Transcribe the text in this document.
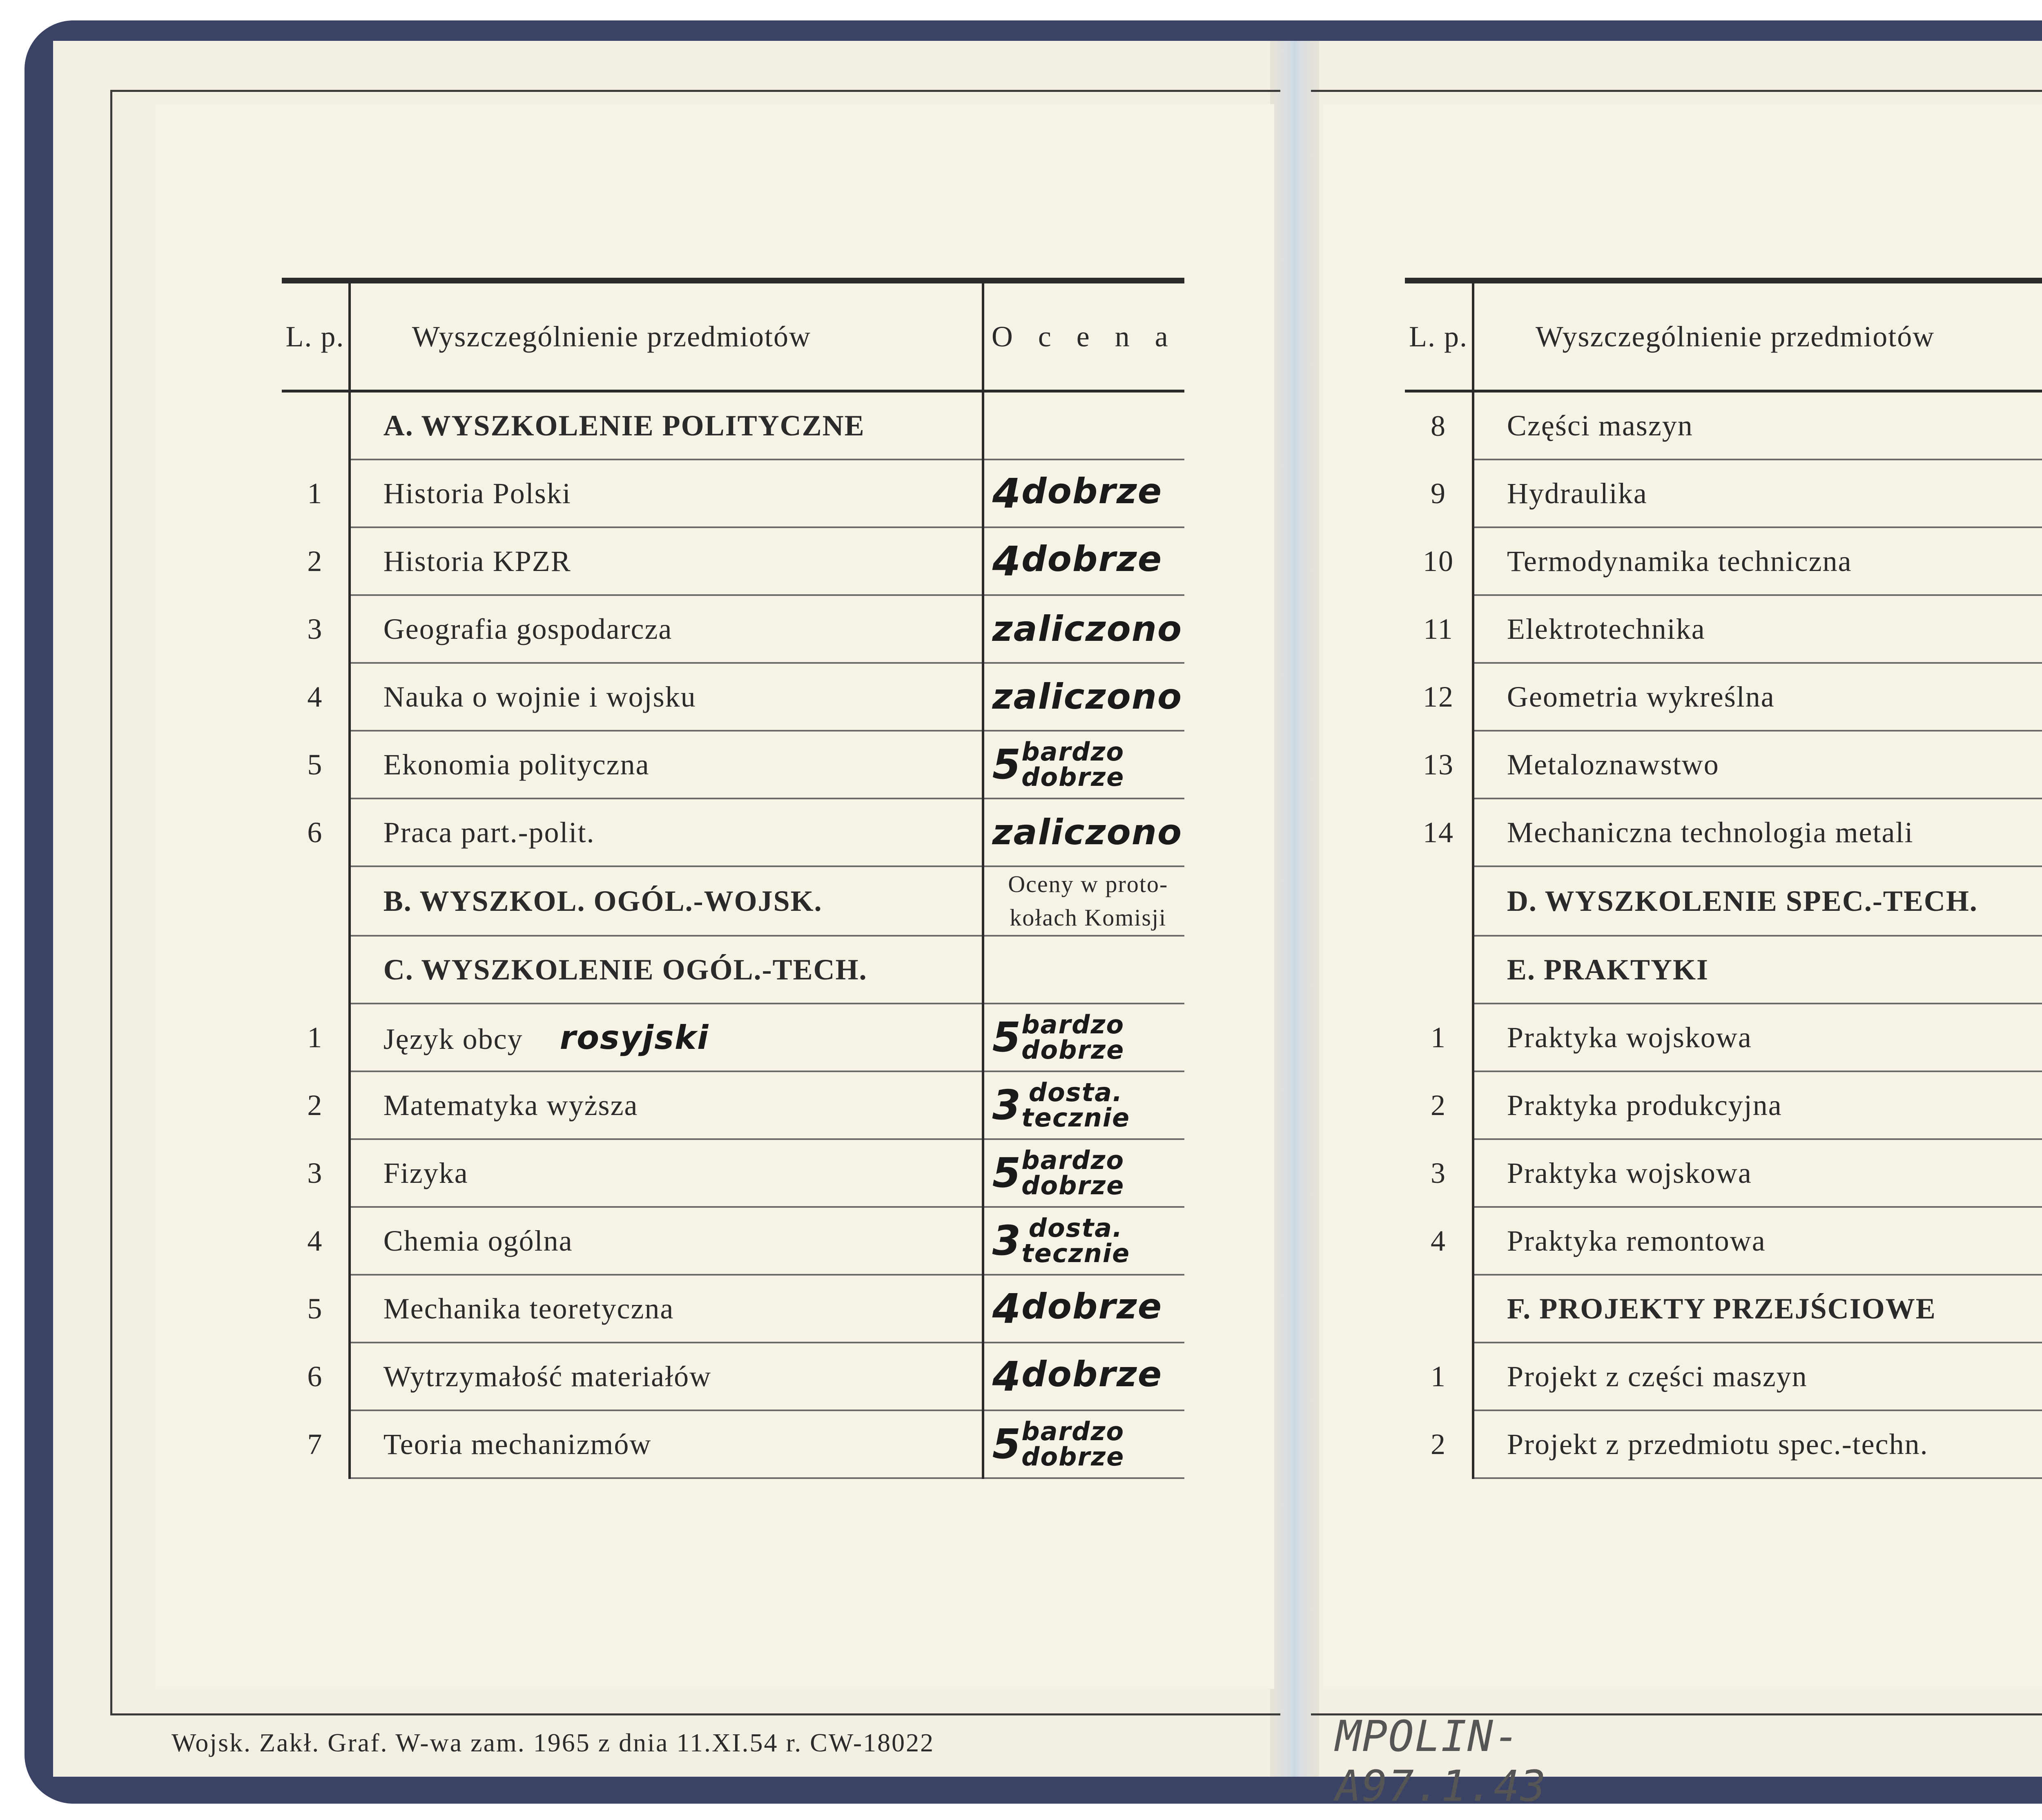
L. p.	Wyszczególnienie przedmiotów	O c e n a
	A. WYSZKOLENIE POLITYCZNE	
1	Historia Polski	4dobrze
2	Historia KPZR	4dobrze
3	Geografia gospodarcza	zaliczono
4	Nauka o wojnie i wojsku	zaliczono
5	Ekonomia polityczna	5 bardzo
dobrze

6	Praca part.-polit.	zaliczono
	B. WYSZKOL. OGÓL.-WOJSK.	Oceny w proto-
kołach Komisji

	C. WYSZKOLENIE OGÓL.-TECH.	
1	Język obcy rosyjski	5 bardzo
dobrze

2	Matematyka wyższa	3 dosta.
tecznie

3	Fizyka	5 bardzo
dobrze

4	Chemia ogólna	3 dosta.
tecznie

5	Mechanika teoretyczna	4dobrze
6	Wytrzymałość materiałów	4dobrze
7	Teoria mechanizmów	5 bardzo
dobrze
L. p.	Wyszczególnienie przedmiotów	
8	Części maszyn	
9	Hydraulika	
10	Termodynamika techniczna	

11	Elektrotechnika	
12	Geometria wykreślna	
13	Metaloznawstwo	

14	Mechaniczna technologia metali	
	D. WYSZKOLENIE SPEC.-TECH.	

	E. PRAKTYKI	
1	Praktyka wojskowa	
2	Praktyka produkcyjna	
3	Praktyka wojskowa	
4	Praktyka remontowa	
	F. PROJEKTY PRZEJŚCIOWE	
1	Projekt z części maszyn	

2	Projekt z przedmiotu spec.-techn.	
Wojsk. Zakł. Graf. W-wa zam. 1965 z dnia 11.XI.54 r. CW-18022	MPOLIN-A97.1.43
